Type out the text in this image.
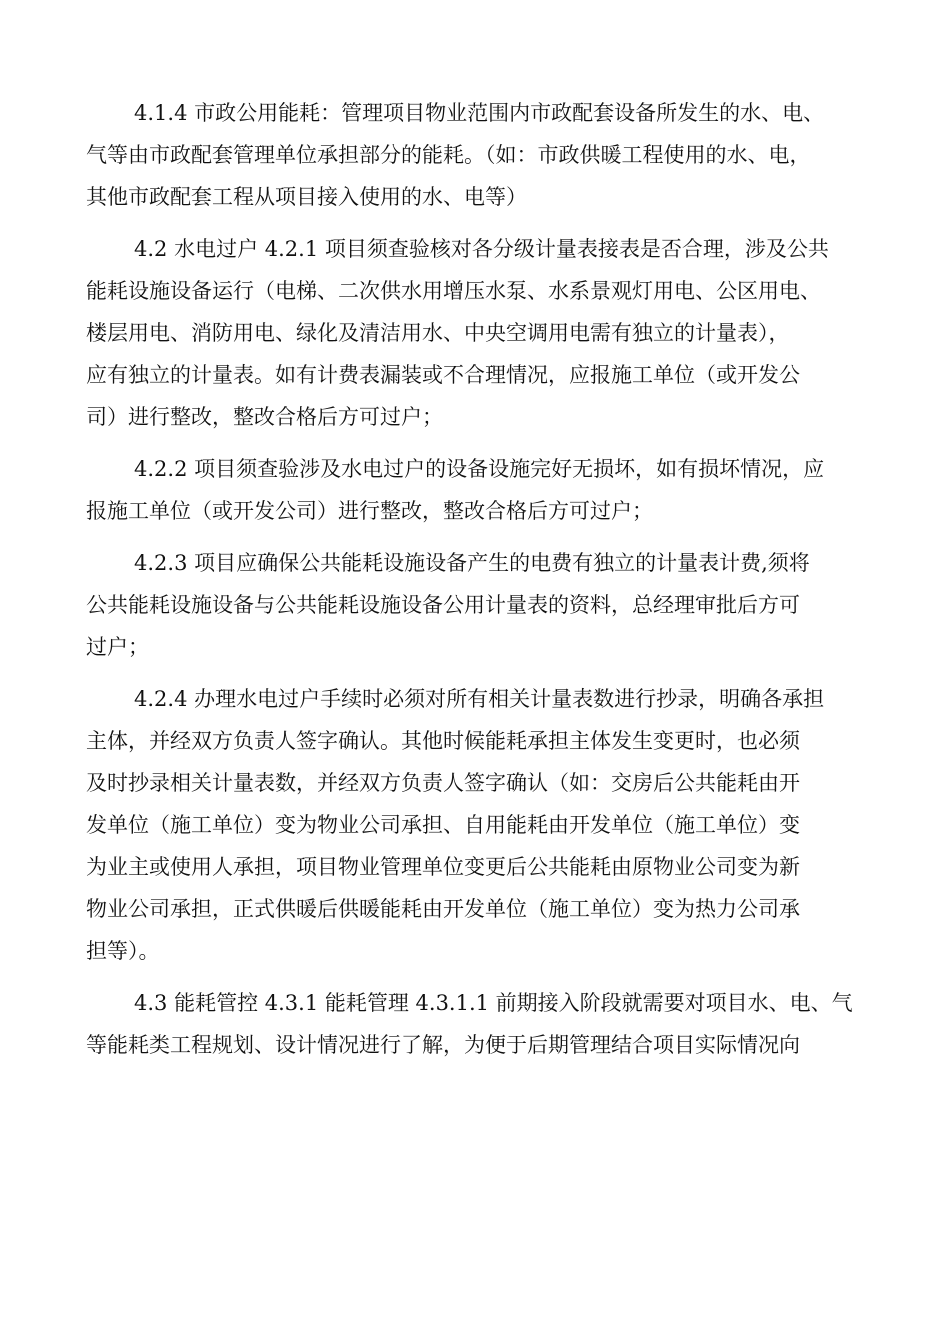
4.1.4 市政公用能耗：管理项目物业范围内市政配套设备所发生的水、电、
气等由市政配套管理单位承担部分的能耗。（如：市政供暖工程使用的水、电，
其他市政配套工程从项目接入使用的水、电等）
4.2 水电过户 4.2.1 项目须查验核对各分级计量表接表是否合理，涉及公共
能耗设施设备运行（电梯、二次供水用增压水泵、水系景观灯用电、公区用电、
楼层用电、消防用电、绿化及清洁用水、中央空调用电需有独立的计量表），
应有独立的计量表。如有计费表漏装或不合理情况，应报施工单位（或开发公
司）进行整改，整改合格后方可过户；
4.2.2 项目须查验涉及水电过户的设备设施完好无损坏，如有损坏情况，应
报施工单位（或开发公司）进行整改，整改合格后方可过户；
4.2.3 项目应确保公共能耗设施设备产生的电费有独立的计量表计费,须将
公共能耗设施设备与公共能耗设施设备公用计量表的资料，总经理审批后方可
过户；
4.2.4 办理水电过户手续时必须对所有相关计量表数进行抄录，明确各承担
主体，并经双方负责人签字确认。其他时候能耗承担主体发生变更时，也必须
及时抄录相关计量表数，并经双方负责人签字确认（如：交房后公共能耗由开
发单位（施工单位）变为物业公司承担、自用能耗由开发单位（施工单位）变
为业主或使用人承担，项目物业管理单位变更后公共能耗由原物业公司变为新
物业公司承担，正式供暖后供暖能耗由开发单位（施工单位）变为热力公司承
担等）。
4.3 能耗管控 4.3.1 能耗管理 4.3.1.1 前期接入阶段就需要对项目水、电、气
等能耗类工程规划、设计情况进行了解，为便于后期管理结合项目实际情况向
